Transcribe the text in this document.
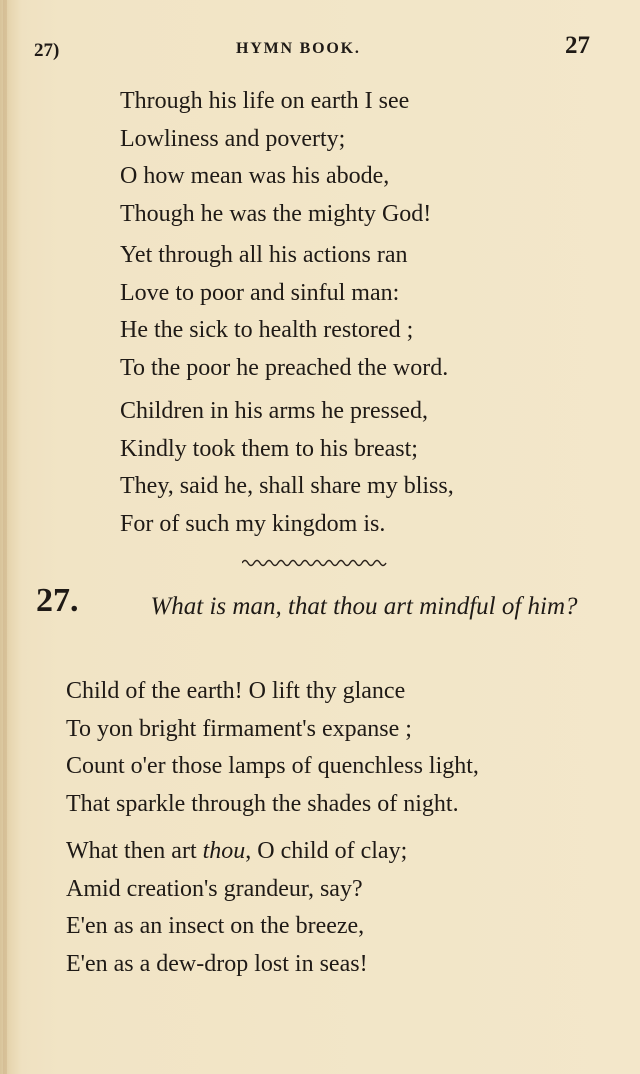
27)	HYMN BOOK.	27
Through his life on earth I see
Lowliness and poverty;
O how mean was his abode,
Though he was the mighty God!
Yet through all his actions ran
Love to poor and sinful man:
He the sick to health restored ;
To the poor he preached the word.
Children in his arms he pressed,
Kindly took them to his breast;
They, said he, shall share my bliss,
For of such my kingdom is.
27.	What is man, that thou art mindful of him?
Child of the earth! O lift thy glance
To yon bright firmament's expanse ;
Count o'er those lamps of quenchless light,
That sparkle through the shades of night.
What then art thou, O child of clay;
Amid creation's grandeur, say?
E'en as an insect on the breeze,
E'en as a dew-drop lost in seas!
